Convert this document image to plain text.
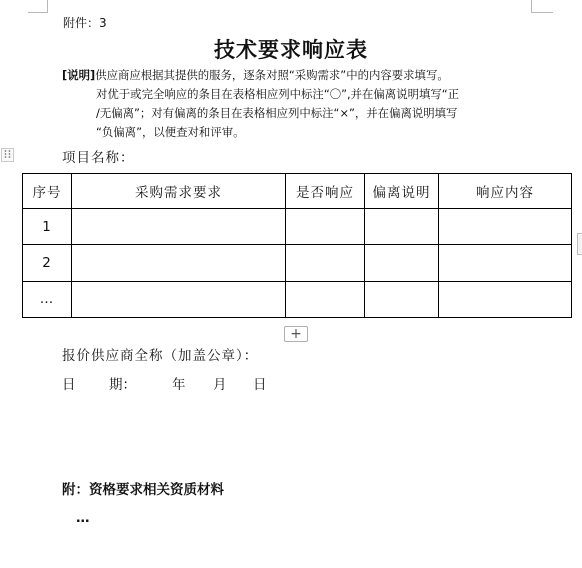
附件：3
技术要求响应表
[说明]供应商应根据其提供的服务，逐条对照“采购需求”中的内容要求填写。
对优于或完全响应的条目在表格相应列中标注“〇”,并在偏离说明填写“正
/无偏离”；对有偏离的条目在表格相应列中标注“×”，并在偏离说明填写
“负偏离”，以便查对和评审。
项目名称：
序号	采购需求要求	是否响应	偏离说明	响应内容
1				
2				
…				
+
报价供应商全称（加盖公章）：
日 期：	年 月 日
附：资格要求相关资质材料
…
